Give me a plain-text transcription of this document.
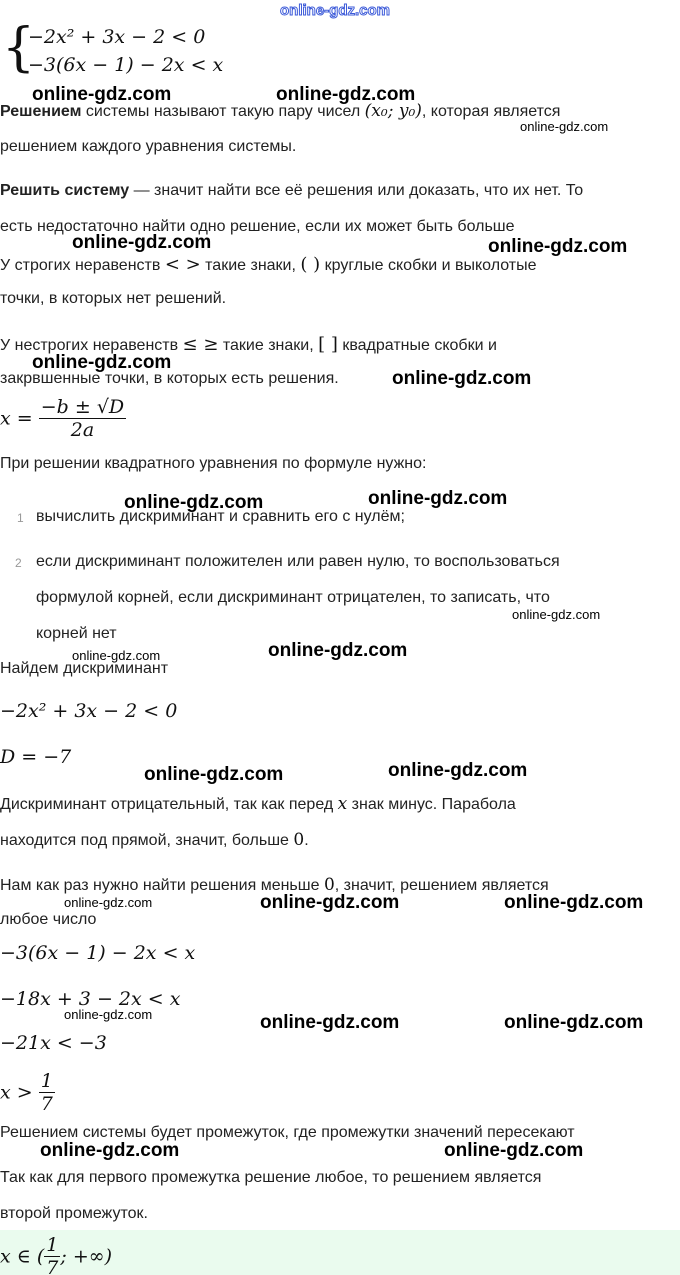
online-gdz.com
{
−2x² + 3x − 2 < 0
−3(6x − 1) − 2x < x
online-gdz.com	online-gdz.com
Решением системы называют такую пару чисел (x₀; y₀), которая является
online-gdz.com
решением каждого уравнения системы.
Решить систему — значит найти все её решения или доказать, что их нет. То
есть недостаточно найти одно решение, если их может быть больше
online-gdz.com	online-gdz.com
У строгих неравенств < > такие знаки, ( ) круглые скобки и выколотые
точки, в которых нет решений.
У нестрогих неравенств ≤ ≥ такие знаки, [ ] квадратные скобки и
online-gdz.com
закрвшенные точки, в которых есть решения.	online-gdz.com
$x = \frac{-b \pm √D}{2a}$
При решении квадратного уравнения по формуле нужно:
online-gdz.com	online-gdz.com
1 вычислить дискриминант и сравнить его с нулём;
2 если дискриминант положителен или равен нулю, то воспользоваться
формулой корней, если дискриминант отрицателен, то записать, что
online-gdz.com
корней нет
online-gdz.com	online-gdz.com
Найдем дискриминант
−2x² + 3x − 2 < 0
D = −7
online-gdz.com	online-gdz.com
Дискриминант отрицательный, так как перед x знак минус. Парабола
находится под прямой, значит, больше 0.
Нам как раз нужно найти решения меньше 0, значит, решением является
online-gdz.com	online-gdz.com	online-gdz.com
любое число
−3(6x − 1) − 2x < x
−18x + 3 − 2x < x
online-gdz.com	online-gdz.com	online-gdz.com
−21x < −3
$x > \frac{1}{7}$
Решением системы будет промежуток, где промежутки значений пересекают
online-gdz.com	online-gdz.com
Так как для первого промежутка решение любое, то решением является
второй промежуток.
x ∈ ( $\frac{1}{7}$ ; +∞)
